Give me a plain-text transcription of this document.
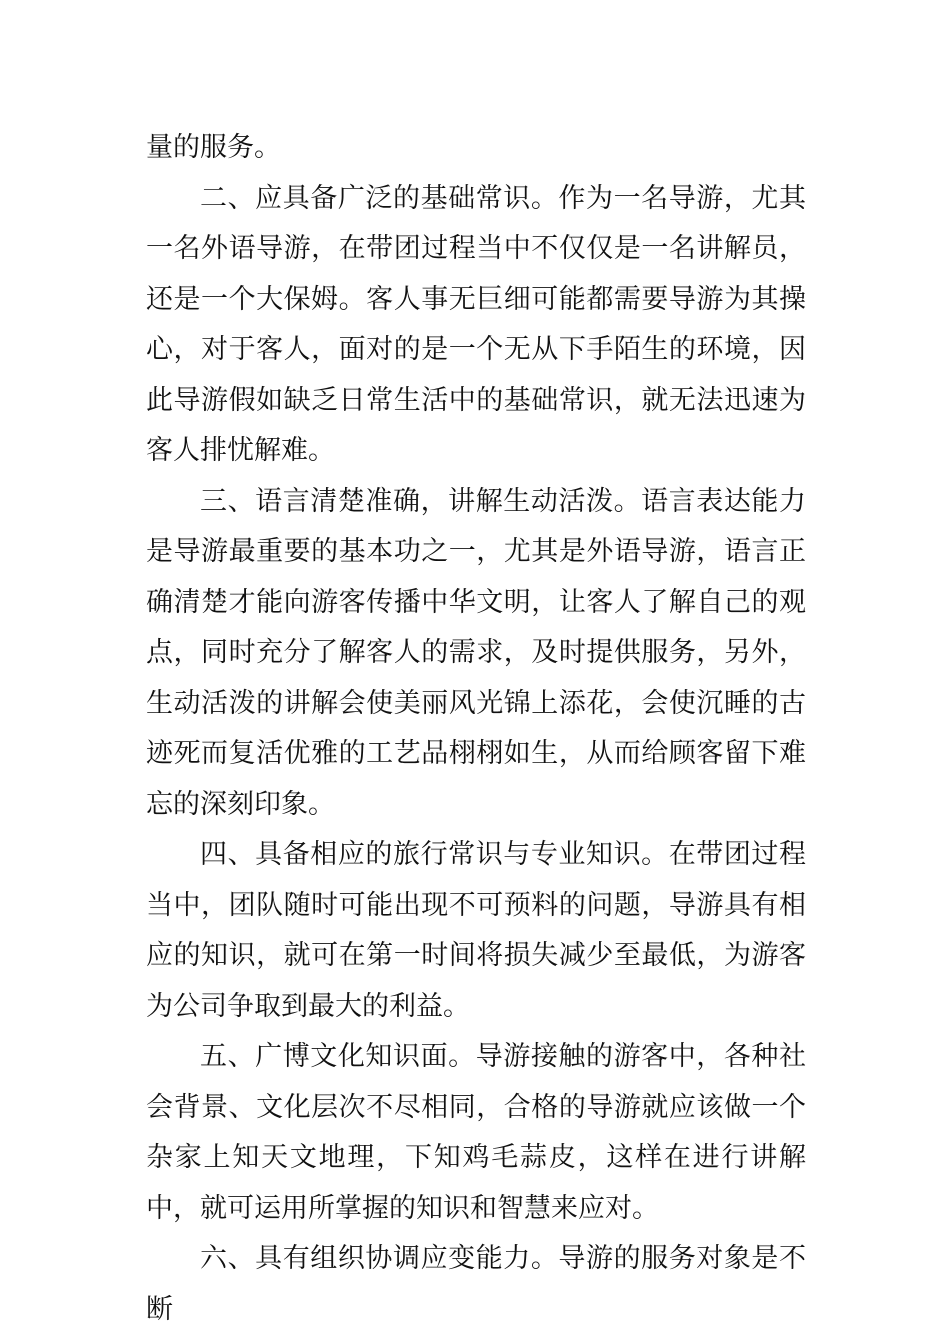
量的服务。

二、应具备广泛的基础常识。作为一名导游，尤其一名外语导游，在带团过程当中不仅仅是一名讲解员，还是一个大保姆。客人事无巨细可能都需要导游为其操心，对于客人，面对的是一个无从下手陌生的环境，因此导游假如缺乏日常生活中的基础常识，就无法迅速为客人排忧解难。

三、语言清楚准确，讲解生动活泼。语言表达能力是导游最重要的基本功之一，尤其是外语导游，语言正确清楚才能向游客传播中华文明，让客人了解自己的观点，同时充分了解客人的需求，及时提供服务，另外，生动活泼的讲解会使美丽风光锦上添花，会使沉睡的古迹死而复活优雅的工艺品栩栩如生，从而给顾客留下难忘的深刻印象。

四、具备相应的旅行常识与专业知识。在带团过程当中，团队随时可能出现不可预料的问题，导游具有相应的知识，就可在第一时间将损失减少至最低，为游客为公司争取到最大的利益。

五、广博文化知识面。导游接触的游客中，各种社会背景、文化层次不尽相同，合格的导游就应该做一个杂家上知天文地理，下知鸡毛蒜皮，这样在进行讲解中，就可运用所掌握的知识和智慧来应对。

六、具有组织协调应变能力。导游的服务对象是不断
